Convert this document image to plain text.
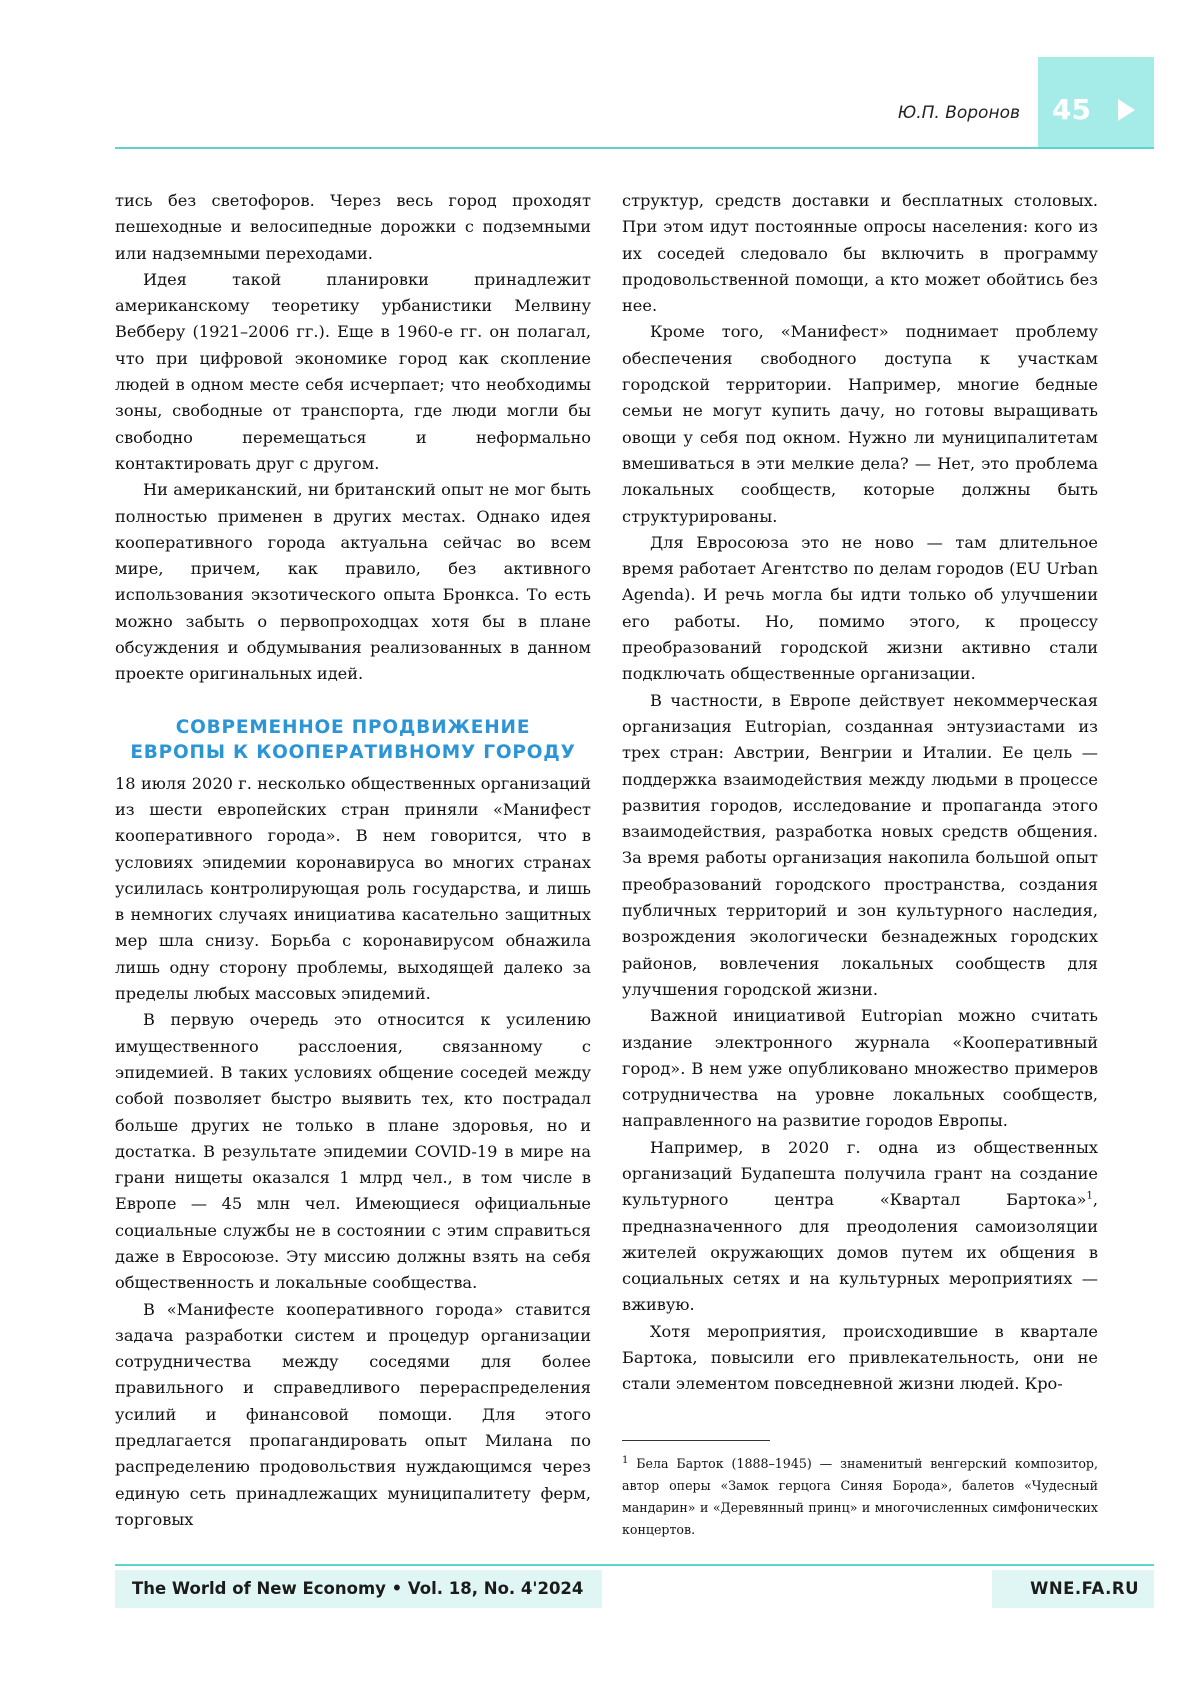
Ю.П. Воронов 45

тись без светофоров. Через весь город проходят пешеходные и велосипедные дорожки с подземными или надземными переходами.

Идея такой планировки принадлежит американскому теоретику урбанистики Мелвину Вебберу (1921–2006 гг.). Еще в 1960-е гг. он полагал, что при цифровой экономике город как скопление людей в одном месте себя исчерпает; что необходимы зоны, свободные от транспорта, где люди могли бы свободно перемещаться и неформально контактировать друг с другом.

Ни американский, ни британский опыт не мог быть полностью применен в других местах. Однако идея кооперативного города актуальна сейчас во всем мире, причем, как правило, без активного использования экзотического опыта Бронкса. То есть можно забыть о первопроходцах хотя бы в плане обсуждения и обдумывания реализованных в данном проекте оригинальных идей.

СОВРЕМЕННОЕ ПРОДВИЖЕНИЕ
ЕВРОПЫ К КООПЕРАТИВНОМУ ГОРОДУ

18 июля 2020 г. несколько общественных организаций из шести европейских стран приняли «Манифест кооперативного города». В нем говорится, что в условиях эпидемии коронавируса во многих странах усилилась контролирующая роль государства, и лишь в немногих случаях инициатива касательно защитных мер шла снизу. Борьба с коронавирусом обнажила лишь одну сторону проблемы, выходящей далеко за пределы любых массовых эпидемий.

В первую очередь это относится к усилению имущественного расслоения, связанному с эпидемией. В таких условиях общение соседей между собой позволяет быстро выявить тех, кто пострадал больше других не только в плане здоровья, но и достатка. В результате эпидемии COVID-19 в мире на грани нищеты оказался 1 млрд чел., в том числе в Европе — 45 млн чел. Имеющиеся официальные социальные службы не в состоянии с этим справиться даже в Евросоюзе. Эту миссию должны взять на себя общественность и локальные сообщества.

В «Манифесте кооперативного города» ставится задача разработки систем и процедур организации сотрудничества между соседями для более правильного и справедливого перераспределения усилий и финансовой помощи. Для этого предлагается пропагандировать опыт Милана по распределению продовольствия нуждающимся через единую сеть принадлежащих муниципалитету ферм, торговых

структур, средств доставки и бесплатных столовых. При этом идут постоянные опросы населения: кого из их соседей следовало бы включить в программу продовольственной помощи, а кто может обойтись без нее.

Кроме того, «Манифест» поднимает проблему обеспечения свободного доступа к участкам городской территории. Например, многие бедные семьи не могут купить дачу, но готовы выращивать овощи у себя под окном. Нужно ли муниципалитетам вмешиваться в эти мелкие дела? — Нет, это проблема локальных сообществ, которые должны быть структурированы.

Для Евросоюза это не ново — там длительное время работает Агентство по делам городов (EU Urban Agenda). И речь могла бы идти только об улучшении его работы. Но, помимо этого, к процессу преобразований городской жизни активно стали подключать общественные организации.

В частности, в Европе действует некоммерческая организация Eutropian, созданная энтузиастами из трех стран: Австрии, Венгрии и Италии. Ее цель — поддержка взаимодействия между людьми в процессе развития городов, исследование и пропаганда этого взаимодействия, разработка новых средств общения. За время работы организация накопила большой опыт преобразований городского пространства, создания публичных территорий и зон культурного наследия, возрождения экологически безнадежных городских районов, вовлечения локальных сообществ для улучшения городской жизни.

Важной инициативой Eutropian можно считать издание электронного журнала «Кооперативный город». В нем уже опубликовано множество примеров сотрудничества на уровне локальных сообществ, направленного на развитие городов Европы.

Например, в 2020 г. одна из общественных организаций Будапешта получила грант на создание культурного центра «Квартал Бартока»$^1$, предназначенного для преодоления самоизоляции жителей окружающих домов путем их общения в социальных сетях и на культурных мероприятиях — вживую.

Хотя мероприятия, происходившие в квартале Бартока, повысили его привлекательность, они не стали элементом повседневной жизни людей. Кро-

$^1$ Бела Барток (1888–1945) — знаменитый венгерский композитор, автор оперы «Замок герцога Синяя Борода», балетов «Чудесный мандарин» и «Деревянный принц» и многочисленных симфонических концертов.

The World of New Economy • Vol. 18, No. 4'2024	WNE.FA.RU
